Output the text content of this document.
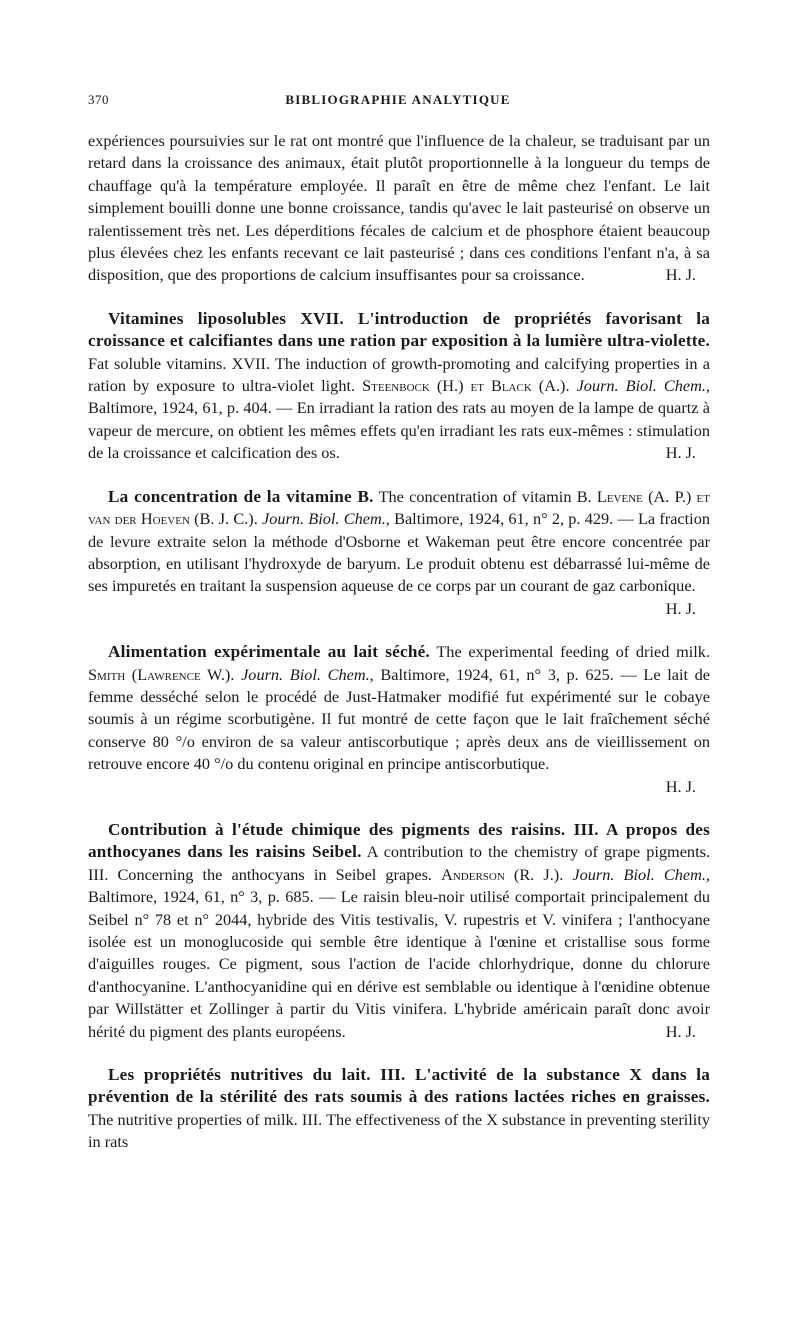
370	BIBLIOGRAPHIE ANALYTIQUE

expériences poursuivies sur le rat ont montré que l'influence de la chaleur, se traduisant par un retard dans la croissance des animaux, était plutôt proportionnelle à la longueur du temps de chauffage qu'à la température employée. Il paraît en être de même chez l'enfant. Le lait simplement bouilli donne une bonne croissance, tandis qu'avec le lait pasteurisé on observe un ralentissement très net. Les déperditions fécales de calcium et de phosphore étaient beaucoup plus élevées chez les enfants recevant ce lait pasteurisé ; dans ces conditions l'enfant n'a, à sa disposition, que des proportions de calcium insuffisantes pour sa croissance.	H. J.

Vitamines liposolubles XVII. L'introduction de propriétés favorisant la croissance et calcifiantes dans une ration par exposition à la lumière ultra-violette. Fat soluble vitamins. XVII. The induction of growth-promoting and calcifying properties in a ration by exposure to ultra-violet light. Steenbock (H.) et Black (A.). Journ. Biol. Chem., Baltimore, 1924, 61, p. 404. — En irradiant la ration des rats au moyen de la lampe de quartz à vapeur de mercure, on obtient les mêmes effets qu'en irradiant les rats eux-mêmes : stimulation de la croissance et calcification des os.	H. J.

La concentration de la vitamine B. The concentration of vitamin B. Levene (A. P.) et van der Hoeven (B. J. C.). Journ. Biol. Chem., Baltimore, 1924, 61, n° 2, p. 429. — La fraction de levure extraite selon la méthode d'Osborne et Wakeman peut être encore concentrée par absorption, en utilisant l'hydroxyde de baryum. Le produit obtenu est débarrassé lui-même de ses impuretés en traitant la suspension aqueuse de ce corps par un courant de gaz carbonique.
H. J.

Alimentation expérimentale au lait séché. The experimental feeding of dried milk. Smith (Lawrence W.). Journ. Biol. Chem., Baltimore, 1924, 61, n° 3, p. 625. — Le lait de femme desséché selon le procédé de Just-Hatmaker modifié fut expérimenté sur le cobaye soumis à un régime scorbutigène. Il fut montré de cette façon que le lait fraîchement séché conserve 80 °/o environ de sa valeur antiscorbutique ; après deux ans de vieillissement on retrouve encore 40 °/o du contenu original en principe antiscorbutique.

H. J.

Contribution à l'étude chimique des pigments des raisins. III. A propos des anthocyanes dans les raisins Seibel. A contribution to the chemistry of grape pigments. III. Concerning the anthocyans in Seibel grapes. Anderson (R. J.). Journ. Biol. Chem., Baltimore, 1924, 61, n° 3, p. 685. — Le raisin bleu-noir utilisé comportait principalement du Seibel n° 78 et n° 2044, hybride des Vitis testivalis, V. rupestris et V. vinifera ; l'anthocyane isolée est un monoglucoside qui semble être identique à l'œnine et cristallise sous forme d'aiguilles rouges. Ce pigment, sous l'action de l'acide chlorhydrique, donne du chlorure d'anthocyanine. L'anthocyanidine qui en dérive est semblable ou identique à l'œnidine obtenue par Willstätter et Zollinger à partir du Vitis vinifera. L'hybride américain paraît donc avoir hérité du pigment des plants européens.	H. J.

Les propriétés nutritives du lait. III. L'activité de la substance X dans la prévention de la stérilité des rats soumis à des rations lactées riches en graisses. The nutritive properties of milk. III. The effectiveness of the X substance in preventing sterility in rats
